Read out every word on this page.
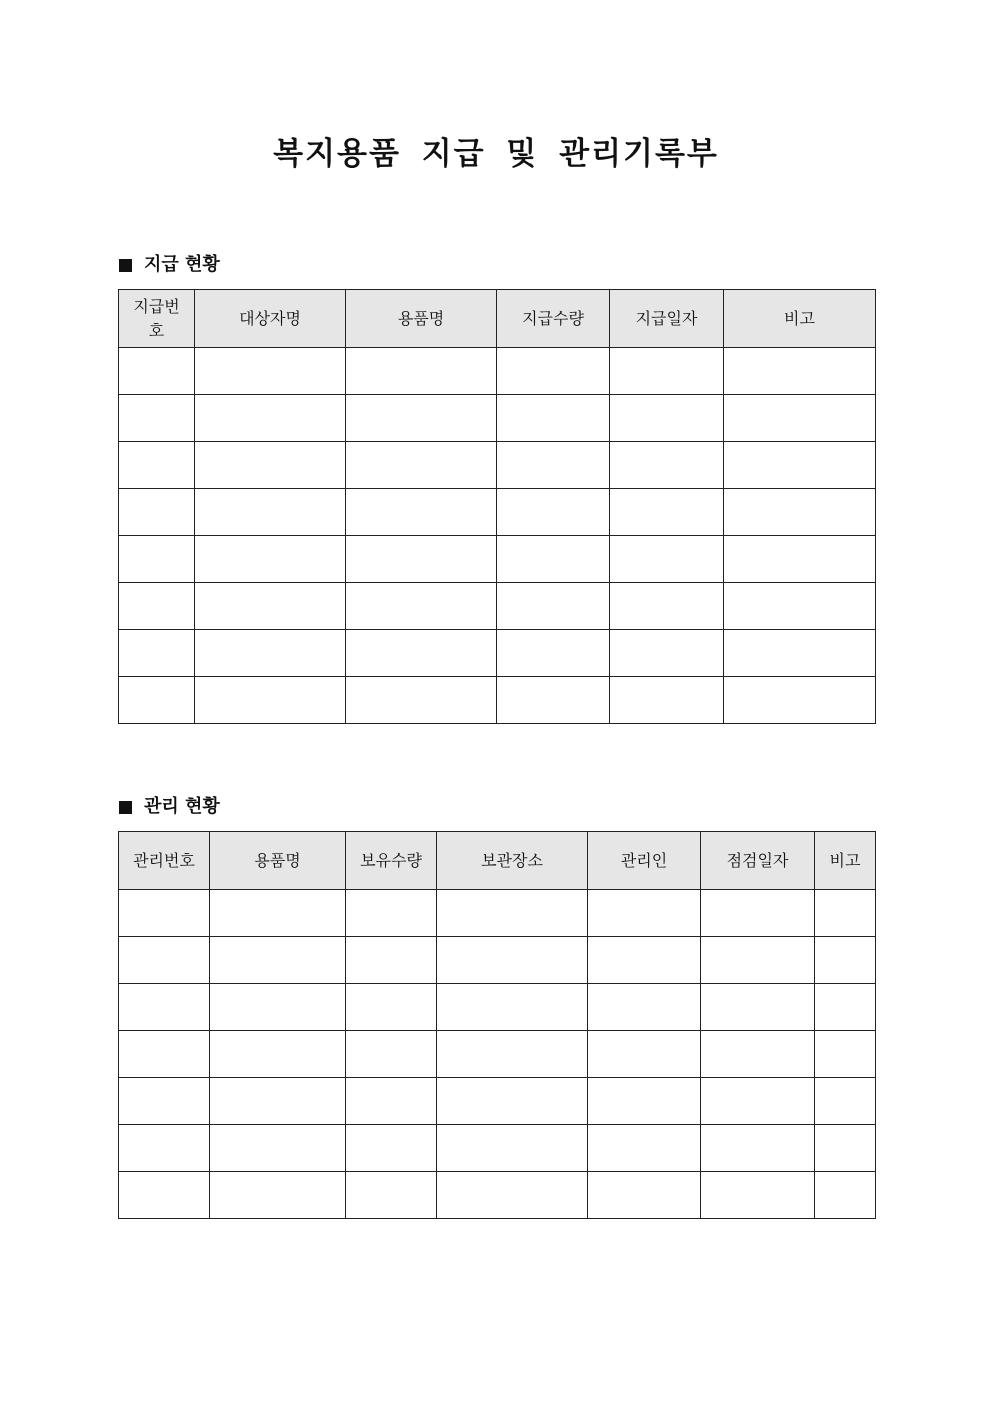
복지용품 지급 및 관리기록부
지급 현황
지급번호	대상자명	용품명	지급수량	지급일자	비고

관리 현황
관리번호	용품명	보유수량	보관장소	관리인	점검일자	비고
